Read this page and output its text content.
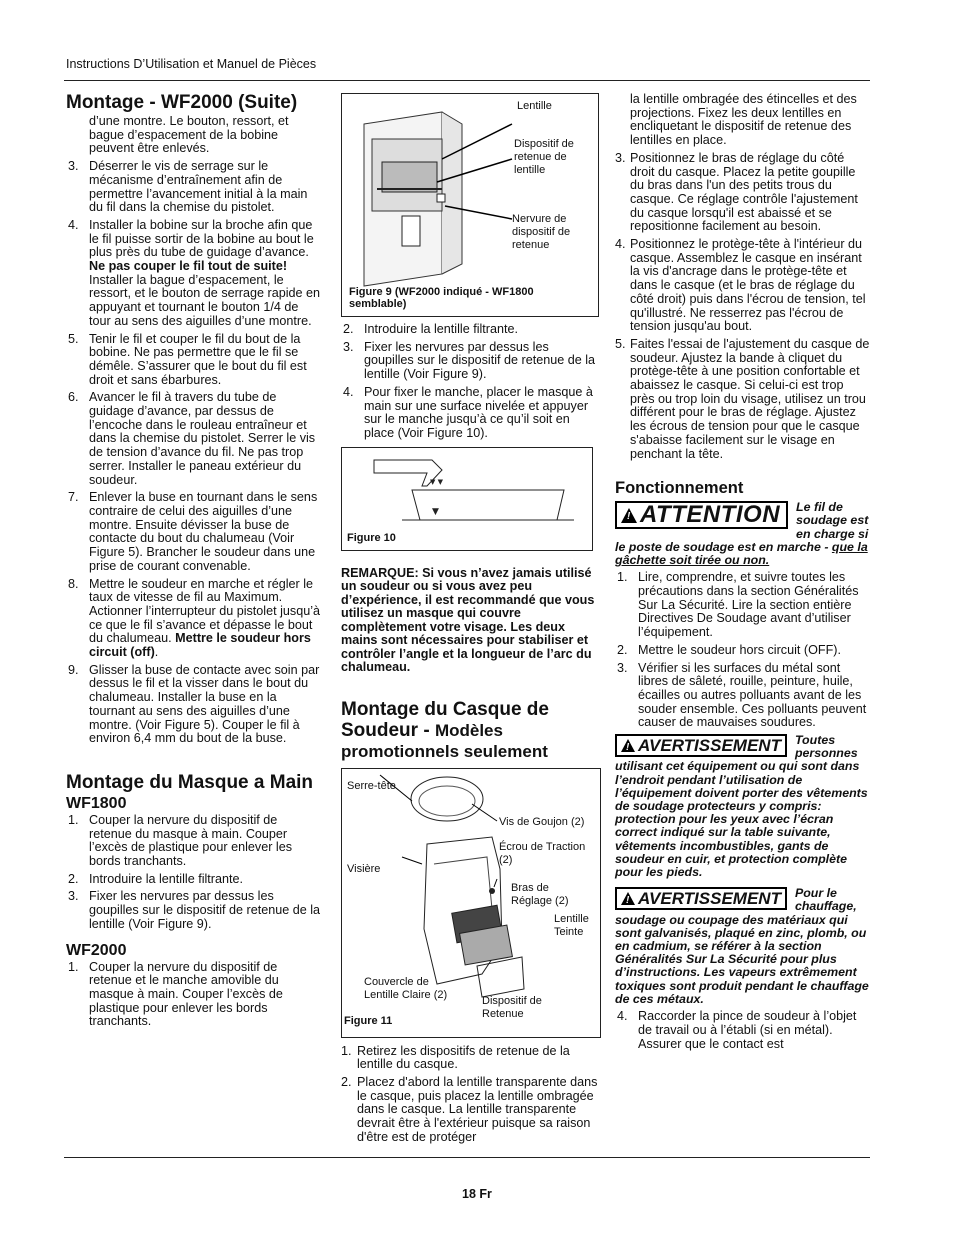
Instructions D’Utilisation et Manuel de Pièces
Montage - WF2000 (Suite)

d’une montre. Le bouton, ressort, et bague d’espacement de la bobine peuvent être enlevés.

3. Déserrer le vis de serrage sur le mécanisme d’entraînement afin de permettre l’avancement initial à la main du fil dans la chemise du pistolet.
4. Installer la bobine sur la broche afin que le fil puisse sortir de la bobine au bout le plus près du tube de guidage d’avance. Ne pas couper le fil tout de suite! Installer la bague d’espacement, le ressort, et le bouton de serrage rapide en appuyant et tournant le bouton 1/4 de tour au sens des aiguilles d’une montre.
5. Tenir le fil et couper le fil du bout de la bobine. Ne pas permettre que le fil se démêle. S’assurer que le bout du fil est droit et sans ébarbures.
6. Avancer le fil à travers du tube de guidage d’avance, par dessus de l’encoche dans le rouleau entraîneur et dans la chemise du pistolet. Serrer le vis de tension d’avance du fil. Ne pas trop serrer. Installer le paneau extérieur du soudeur.
7. Enlever la buse en tournant dans le sens contraire de celui des aiguilles d’une montre. Ensuite dévisser la buse de contacte du bout du chalumeau (Voir Figure 5). Brancher le soudeur dans une prise de courant convenable.
8. Mettre le soudeur en marche et régler le taux de vitesse de fil au Maximum. Actionner l’interrupteur du pistolet jusqu’à ce que le fil s’avance et dépasse le bout du chalumeau. Mettre le soudeur hors circuit (off).
9. Glisser la buse de contacte avec soin par dessus le fil et la visser dans le bout du chalumeau. Installer la buse en la tournant au sens des aiguilles d’une montre. (Voir Figure 5). Couper le fil à environ 6,4 mm du bout de la buse.
Montage du Masque a Main
WF1800
1. Couper la nervure du dispositif de retenue du masque à main. Couper l’excès de plastique pour enlever les bords tranchants.
2. Introduire la lentille filtrante.
3. Fixer les nervures par dessus les goupilles sur le dispositif de retenue de la lentille (Voir Figure 9).
WF2000
1. Couper la nervure du dispositif de retenue et le manche amovible du masque à main. Couper l’excès de plastique pour enlever les bords tranchants.
Lentille
Dispositif de retenue de lentille
Nervure de dispositif de retenue
Figure 9 (WF2000 indiqué - WF1800 semblable)
2. Introduire la lentille filtrante.
3. Fixer les nervures par dessus les goupilles sur le dispositif de retenue de la lentille (Voir Figure 9).
4. Pour fixer le manche, placer le masque à main sur une surface nivelée et appuyer sur le manche jusqu’à ce qu’il soit en place (Voir Figure 10).
▼ ▼
▼
Figure 10

REMARQUE: Si vous n’avez jamais utilisé un soudeur ou si vous avez peu d’expérience, il est recommandé que vous utilisez un masque qui couvre complètement votre visage. Les deux mains sont nécessaires pour stabiliser et contrôler l’angle et la longueur de l’arc du chalumeau.

Montage du Casque de Soudeur - Modèles promotionnels seulement
Serre-tête
Vis de Goujon (2)
Écrou de Traction (2)
Visière
Bras de Réglage (2)
Lentille Teinte
Couvercle de Lentille Claire (2)	Dispositif de Retenue
Figure 11
1. Retirez les dispositifs de retenue de la lentille du casque.
2. Placez d'abord la lentille transparente dans le casque, puis placez la lentille ombragée dans le casque. La lentille transparente devrait être à l'extérieur puisque sa raison d'être est de protéger

la lentille ombragée des étincelles et des projections. Fixez les deux lentilles en encliquetant le dispositif de retenue des lentilles en place.

3. Positionnez le bras de réglage du côté droit du casque. Placez la petite goupille du bras dans l'un des petits trous du casque. Ce réglage contrôle l'ajustement du casque lorsqu'il est abaissé et se repositionne facilement au besoin.
4. Positionnez le protège-tête à l'intérieur du casque. Assemblez le casque en insérant la vis d'ancrage dans le protège-tête et dans le casque (et le bras de réglage du côté droit) puis dans l'écrou de tension, tel qu'illustré. Ne resserrez pas l'écrou de tension jusqu'au bout.
5. Faites l'essai de l'ajustement du casque de soudeur. Ajustez la bande à cliquet du protège-tête à une position confortable et abaissez le casque. Si celui-ci est trop près ou trop loin du visage, utilisez un trou différent pour le bras de réglage. Ajustez les écrous de tension pour que le casque s'abaisse facilement sur le visage en penchant la tête.
Fonctionnement
!ATTENTION	Le fil de soudage est en charge si le poste de soudage est en marche - que la gâchette soit tirée ou non.
1. Lire, comprendre, et suivre toutes les précautions dans la section Généralités Sur La Sécurité. Lire la section entière Directives De Soudage avant d’utiliser l’équipement.
2. Mettre le soudeur hors circuit (OFF).
3. Vérifier si les surfaces du métal sont libres de sâleté, rouille, peinture, huile, écailles ou autres polluants avant de les souder ensemble. Ces polluants peuvent causer de mauvaises soudures.
!AVERTISSEMENT	Toutes personnes utilisant cet équipement ou qui sont dans l’endroit pendant l’utilisation de l’équipement doivent porter des vêtements de soudage protecteurs y compris: protection pour les yeux avec l’écran correct indiqué sur la table suivante, vêtements incombustibles, gants de soudeur en cuir, et protection complète pour les pieds.
!AVERTISSEMENT	Pour le chauffage, soudage ou coupage des matériaux qui sont galvanisés, plaqué en zinc, plomb, ou en cadmium, se référer à la section Généralités Sur La Sécurité pour plus d’instructions. Les vapeurs extrêmement toxiques sont produit pendant le chauffage de ces métaux.
4. Raccorder la pince de soudeur à l’objet de travail ou à l’établi (si en métal). Assurer que le contact est
18 Fr
